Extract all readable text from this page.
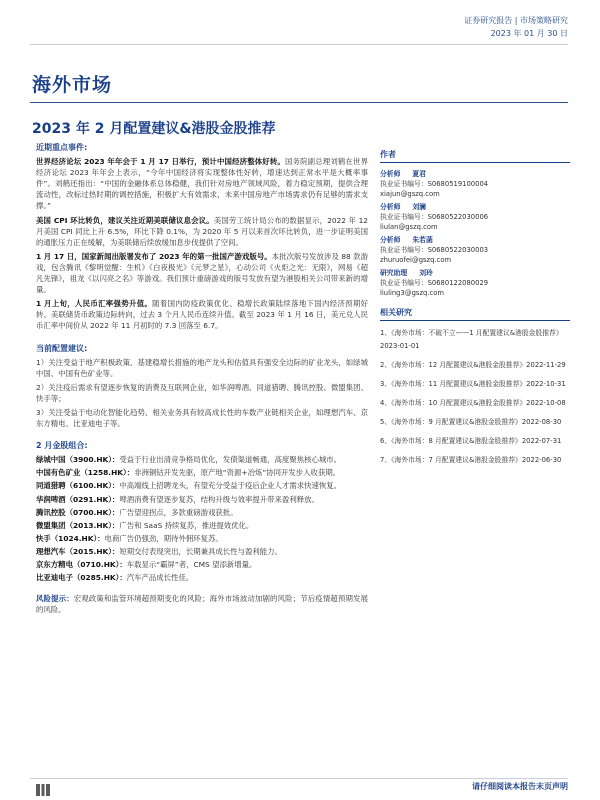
证券研究报告 | 市场策略研究
2023 年 01 月 30 日
海外市场
2023 年 2 月配置建议&港股金股推荐
近期重点事件:

世界经济论坛 2023 年年会于 1 月 17 日举行，预计中国经济整体好转。国务院副总理刘鹤在世界经济论坛 2023 年年会上表示，“今年中国经济将实现整体性好转，增速达到正常水平是大概率事件”。刘鹤还指出：“中国的金融体系总体稳健，我们针对房地产领域风险，着力稳定预期，提供合理流动性，改标过热时期的调控措施，积极扩大有效需求，未来中国房地产市场需求仍有足够的需求支撑。”

美国 CPI 环比转负，建议关注近期美联储议息会议。美国劳工统计局公布的数据显示，2022 年 12 月美国 CPI 同比上升 6.5%，环比下降 0.1%，为 2020 年 5 月以来首次环比转负，进一步证明美国的通胀压力正在缓解，为美联储后续放缓加息步伐提供了空间。

1 月 17 日，国家新闻出版署发布了 2023 年的第一批国产游戏版号。本批次版号发放涉及 88 款游戏，包含腾讯《黎明觉醒：生机》《白夜极光》《元梦之星》，心动公司《火炬之光：无限》，网易《超凡先锋》，祖龙《以闪亮之名》等游戏。我们预计重磅游戏的版号发放有望为港股相关公司带来新的增量。

1 月上旬，人民币汇率强势升值。随着国内防疫政策优化、稳增长政策陆续落地下国内经济预期好转、美联储货币政策边际转向，过去 3 个月人民币连续升值。截至 2023 年 1 月 16 日，美元兑人民币汇率中间价从 2022 年 11 月初时的 7.3 回落至 6.7。

当前配置建议:

1）关注受益于地产积极政策、基建稳增长措施的地产龙头和估值具有强安全边际的矿业龙头，如绿城中国、中国有色矿业等。

2）关注疫后需求有望逐步恢复的消费及互联网企业，如华润啤酒、同道猎聘、腾讯控股、微盟集团、快手等；

3）关注受益于电动化智能化趋势、相关业务具有较高成长性的车数产业链相关企业，如理想汽车、京东方精电、比亚迪电子等。

2 月金股组合:
绿城中国（3900.HK）：受益于行业出清竞争格局优化，发债渠道畅通，高度聚焦核心城市。
中国有色矿业（1258.HK）：非洲铜钴开发先驱，原产地“资源+冶炼”协同开发步入收获期。
同道猎聘（6100.HK）：中高端线上招聘龙头，有望充分受益于疫后企业人才需求快速恢复。
华润啤酒（0291.HK）：啤酒消费有望逐步复苏，结构升级与效率提升带来盈利释放。
腾讯控股（0700.HK）：广告望迎拐点，多款重磅游戏获批。
微盟集团（2013.HK）：广告和 SaaS 持续复苏，推进提效优化。
快手（1024.HK）：电商广告仍强劲，期待外佣环复苏。
理想汽车（2015.HK）：短期交付表现突出，长期兼具成长性与盈利能力。
京东方精电（0710.HK）：车载显示“霸屏”者，CMS 望添新增量。
比亚迪电子（0285.HK）：汽车产品成长性佳。

风险提示：宏观政策和监管环境超预期变化的风险；海外市场波动加剧的风险；节后疫情超预期发展的风险。

作者
分析师 夏君
执业证书编号：S0680519100004
xiajun@gszq.com
分析师 刘澜
执业证书编号：S0680522030006
liulan@gszq.com
分析师 朱若菡
执业证书编号：S0680522030003
zhuruofei@gszq.com
研究助理 刘玲
执业证书编号：S0680122080029
liuling3@gszq.com
相关研究
1、《海外市场：不破不立——1 月配置建议&港股金股推荐》2023-01-01
2、《海外市场：12 月配置建议&港股金股推荐》2022-11-29
3、《海外市场：11 月配置建议&港股金股推荐》2022-10-31
4、《海外市场：10 月配置建议&港股金股推荐》2022-10-08
5、《海外市场：9 月配置建议&港股金股推荐》2022-08-30
6、《海外市场：8 月配置建议&港股金股推荐》2022-07-31
7、《海外市场：7 月配置建议&港股金股推荐》2022-06-30
请仔细阅读本报告末页声明
